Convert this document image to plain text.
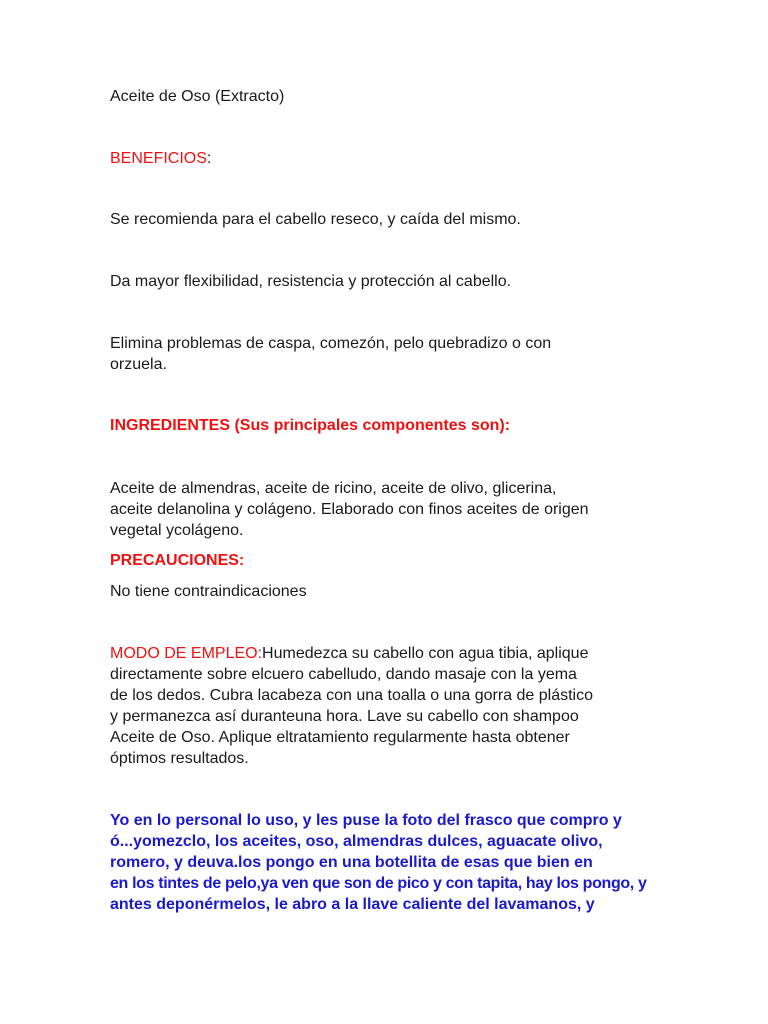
Aceite de Oso (Extracto)

BENEFICIOS:

Se recomienda para el cabello reseco, y caída del mismo.

Da mayor flexibilidad, resistencia y protección al cabello.

Elimina problemas de caspa, comezón, pelo quebradizo o con

orzuela.

INGREDIENTES (Sus principales componentes son):

Aceite de almendras, aceite de ricino, aceite de olivo, glicerina,

aceite delanolina y colágeno. Elaborado con finos aceites de origen

vegetal ycolágeno.

PRECAUCIONES:

No tiene contraindicaciones

MODO DE EMPLEO:Humedezca su cabello con agua tibia, aplique

directamente sobre elcuero cabelludo, dando masaje con la yema

de los dedos. Cubra lacabeza con una toalla o una gorra de plástico

y permanezca así duranteuna hora. Lave su cabello con shampoo

Aceite de Oso. Aplique eltratamiento regularmente hasta obtener

óptimos resultados.

Yo en lo personal lo uso, y les puse la foto del frasco que compro y

ó...yomezclo, los aceites, oso, almendras dulces, aguacate olivo,

romero, y deuva.los pongo en una botellita de esas que bien en

en los tintes de pelo,ya ven que son de pico y con tapita, hay los pongo, y

antes deponérmelos, le abro a la llave caliente del lavamanos, y
